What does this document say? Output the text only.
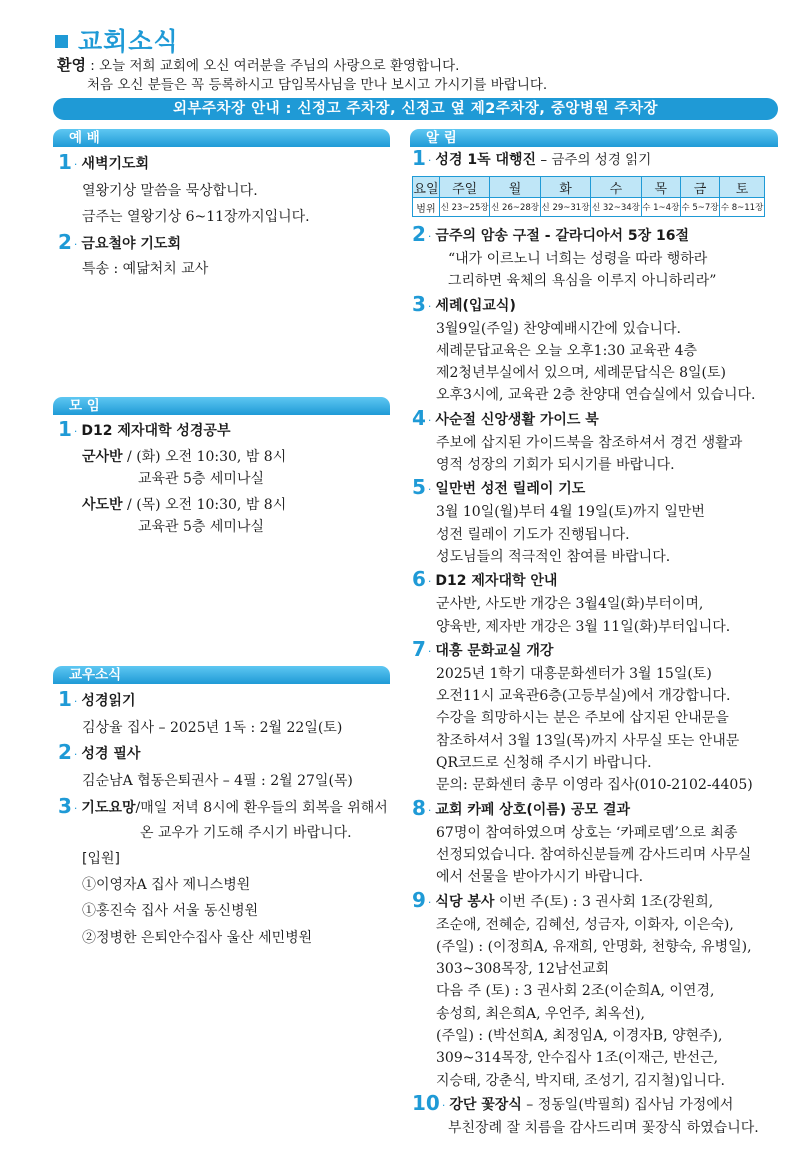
교회소식
환영 : 오늘 저희 교회에 오신 여러분을 주님의 사랑으로 환영합니다.
처음 오신 분들은 꼭 등록하시고 담임목사님을 만나 보시고 가시기를 바랍니다.
외부주차장 안내 : 신정고 주차장, 신정고 옆 제2주차장, 중앙병원 주차장
예 배
1 · 새벽기도회

열왕기상 말씀을 묵상합니다.

금주는 열왕기상 6~11장까지입니다.

2 · 금요철야 기도회

특송 : 예닮처치 교사

모 임
1 · D12 제자대학 성경공부

군사반 / (화) 오전 10:30, 밤 8시

교육관 5층 세미나실

사도반 / (목) 오전 10:30, 밤 8시

교육관 5층 세미나실

교우소식
1 · 성경읽기

김상율 집사 – 2025년 1독 : 2월 22일(토)

2 · 성경 필사

김순남A 협동은퇴권사 – 4필 : 2월 27일(목)

3 · 기도요망/매일 저녁 8시에 환우들의 회복을 위해서

온 교우가 기도해 주시기 바랍니다.

[입원]

①이영자A 집사 제니스병원

①홍진숙 집사 서울 동신병원

②정병한 은퇴안수집사 울산 세민병원

알 림
1 · 성경 1독 대행진 – 금주의 성경 읽기
요일	주일	월	화	수	목	금	토
범위	신 23~25장	신 26~28장	신 29~31장	신 32~34장	수 1~4장	수 5~7장	수 8~11장
2 · 금주의 암송 구절 - 갈라디아서 5장 16절

“내가 이르노니 너희는 성령을 따라 행하라

그리하면 육체의 욕심을 이루지 아니하리라”

3 · 세례(입교식)

3월9일(주일) 찬양예배시간에 있습니다.

세례문답교육은 오늘 오후1:30 교육관 4층

제2청년부실에서 있으며, 세례문답식은 8일(토)

오후3시에, 교육관 2층 찬양대 연습실에서 있습니다.

4 · 사순절 신앙생활 가이드 북

주보에 삽지된 가이드북을 참조하셔서 경건 생활과

영적 성장의 기회가 되시기를 바랍니다.

5 · 일만번 성전 릴레이 기도

3월 10일(월)부터 4월 19일(토)까지 일만번

성전 릴레이 기도가 진행됩니다.

성도님들의 적극적인 참여를 바랍니다.

6 · D12 제자대학 안내

군사반, 사도반 개강은 3월4일(화)부터이며,

양육반, 제자반 개강은 3월 11일(화)부터입니다.

7 · 대흥 문화교실 개강

2025년 1학기 대흥문화센터가 3월 15일(토)

오전11시 교육관6층(고등부실)에서 개강합니다.

수강을 희망하시는 분은 주보에 삽지된 안내문을

참조하셔서 3월 13일(목)까지 사무실 또는 안내문

QR코드로 신청해 주시기 바랍니다.

문의: 문화센터 총무 이영라 집사(010-2102-4405)

8 · 교회 카페 상호(이름) 공모 결과

67명이 참여하였으며 상호는 ‘카페로뎀’으로 최종

선정되었습니다. 참여하신분들께 감사드리며 사무실

에서 선물을 받아가시기 바랍니다.

9 · 식당 봉사 이번 주(토) : 3 권사회 1조(강원희,

조순애, 전혜순, 김혜선, 성금자, 이화자, 이은숙),

(주일) : (이정희A, 유재희, 안명화, 천향숙, 유병일),

303~308목장, 12남선교회

다음 주 (토) : 3 권사회 2조(이순희A, 이연경,

송성희, 최은희A, 우언주, 최옥선),

(주일) : (박선희A, 최정임A, 이경자B, 양현주),

309~314목장, 안수집사 1조(이재근, 반선근,

지승태, 강춘식, 박지태, 조성기, 김지철)입니다.

10 · 강단 꽃장식 – 정동일(박필희) 집사님 가정에서

부친장례 잘 치름을 감사드리며 꽃장식 하였습니다.
